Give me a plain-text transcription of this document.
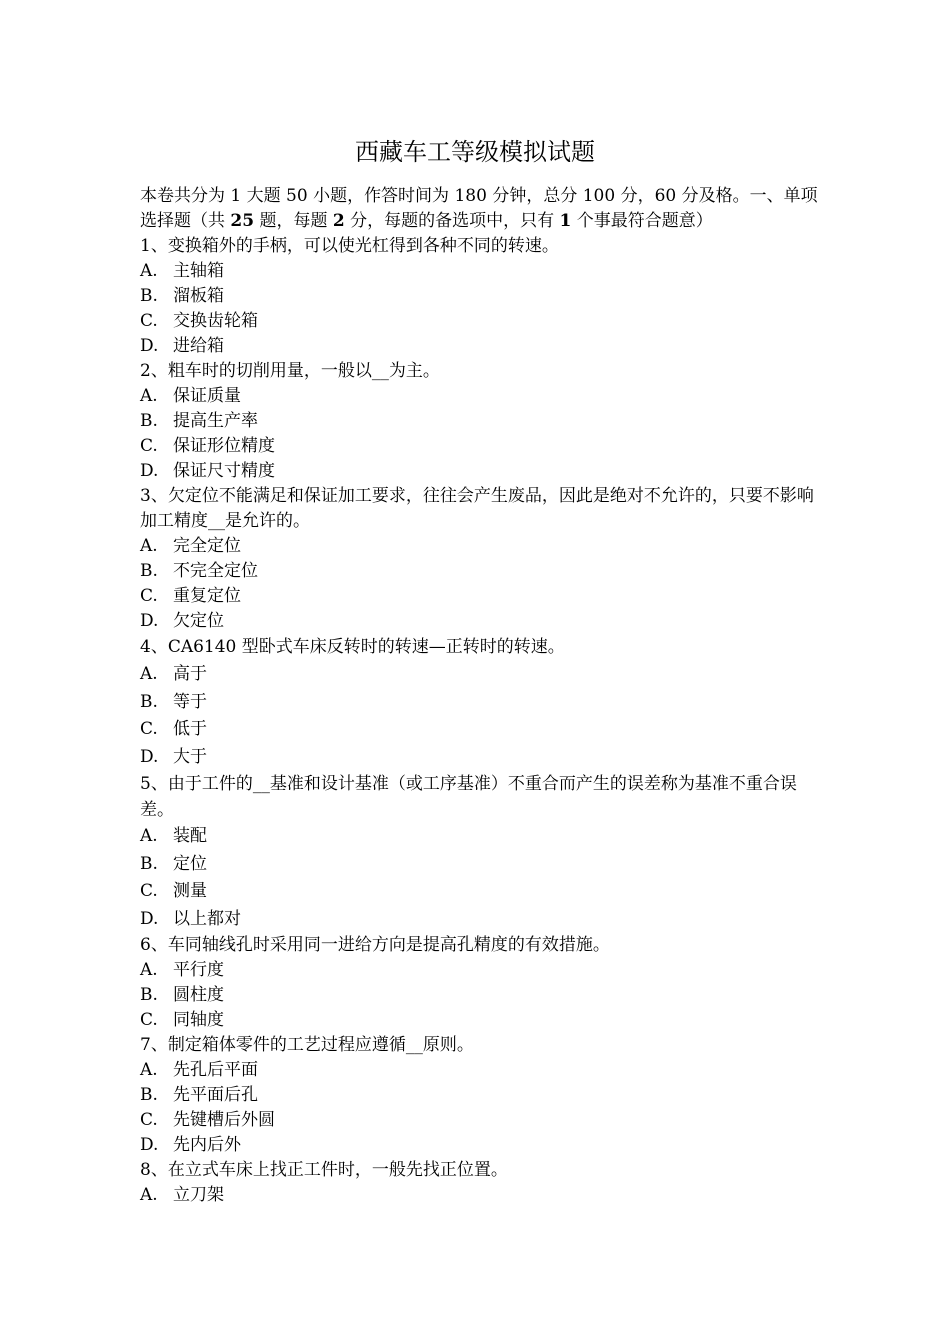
西藏车工等级模拟试题

本卷共分为 1 大题 50 小题，作答时间为 180 分钟，总分 100 分，60 分及格。一、单项选择题（共 25 题，每题 2 分，每题的备选项中，只有 1 个事最符合题意）

1、变换箱外的手柄，可以使光杠得到各种不同的转速。

A. 主轴箱
B. 溜板箱
C. 交换齿轮箱
D. 进给箱

2、粗车时的切削用量，一般以__为主。

A. 保证质量
B. 提高生产率
C. 保证形位精度
D. 保证尺寸精度

3、欠定位不能满足和保证加工要求，往往会产生废品，因此是绝对不允许的，只要不影响加工精度__是允许的。

A. 完全定位
B. 不完全定位
C. 重复定位
D. 欠定位

4、CA6140 型卧式车床反转时的转速—正转时的转速。

A. 高于
B. 等于
C. 低于
D. 大于

5、由于工件的__基准和设计基准（或工序基准）不重合而产生的误差称为基准不重合误差。

A. 装配
B. 定位
C. 测量
D. 以上都对

6、车同轴线孔时采用同一进给方向是提高孔精度的有效措施。

A. 平行度
B. 圆柱度
C. 同轴度

7、制定箱体零件的工艺过程应遵循__原则。

A. 先孔后平面
B. 先平面后孔
C. 先键槽后外圆
D. 先内后外

8、在立式车床上找正工件时，一般先找正位置。

A. 立刀架
